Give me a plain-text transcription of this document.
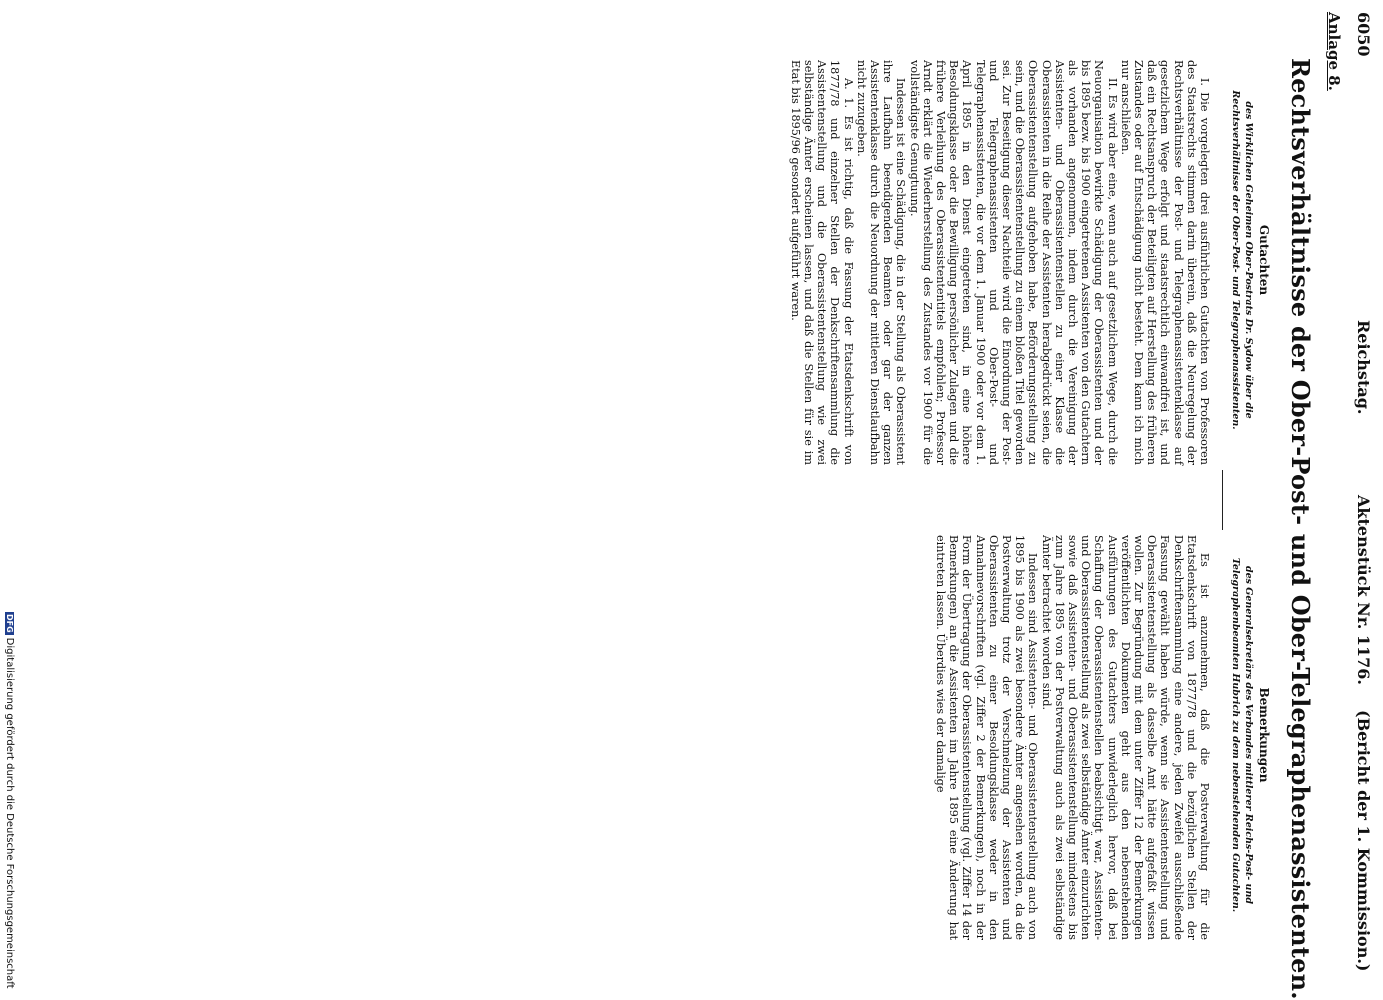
6050
Reichstag.
Aktenstück Nr. 1176.
(Bericht der 1. Kommission.)
Anlage 8.
Rechtsverhältnisse der Ober-Post- und Ober-Telegraphenassistenten.
Gutachten
des Wirklichen Geheimen Ober-Postrats Dr. Sydow über die Rechtsverhältnisse der Ober-Post- und Telegraphenassistenten.
Bemerkungen
des Generalsekretärs des Verbandes mittlerer Reichs-Post- und Telegraphenbeamten Hubrich zu dem nebenstehenden Gutachten.

I. Die vorgelegten drei ausführlichen Gutachten von Professoren des Staatsrechts stimmen darin überein, daß die Neuregelung der Rechtsverhältnisse der Post- und Telegraphenassistentenklasse auf gesetzlichem Wege erfolgt und staatsrechtlich einwandfrei ist, und daß ein Rechtsanspruch der Beteiligten auf Herstellung des früheren Zustandes oder auf Entschädigung nicht besteht. Dem kann ich mich nur anschließen.

II. Es wird aber eine, wenn auch auf gesetzlichem Wege, durch die Neuorganisation bewirkte Schädigung der Oberassistenten und der bis 1895 bezw. bis 1900 eingetretenen Assistenten von den Gutachtern als vorhanden angenommen, indem durch die Vereinigung der Assistenten- und Oberassistentenstellen zu einer Klasse die Oberassistenten in die Reihe der Assistenten herabgedrückt seien, die Oberassistentenstellung aufgehoben habe, Beförderungsstellung zu sein, und die Oberassistentenstellung zu einem bloßen Titel geworden sei. Zur Beseitigung dieser Nachteile wird die Einordnung der Post- und Telegraphenassistenten und Ober-Post- und Telegraphenassistenten, die vor dem 1. Januar 1900 oder vor dem 1. April 1895 in den Dienst eingetreten sind, in eine höhere Besoldungsklasse oder die Bewilligung persönlicher Zulagen und die frühere Verleihung des Oberassistententitels empfohlen; Professor Arndt erklärt die Wiederherstellung des Zustandes vor 1900 für die vollständigste Genugtuung.

Indessen ist eine Schädigung, die in der Stellung als Oberassistent ihre Laufbahn beendigenden Beamten oder gar der ganzen Assistentenklasse durch die Neuordnung der mittleren Dienstlaufbahn nicht zuzugeben.

A. 1. Es ist richtig, daß die Fassung der Etatsdenkschrift von 1877/78 und einzelner Stellen der Denkschriftensammlung die Assistentenstellung und die Oberassistentenstellung wie zwei selbständige Ämter erscheinen lassen, und daß die Stellen für sie im Etat bis 1895/96 gesondert aufgeführt waren.

Es ist anzunehmen, daß die Postverwaltung für die Etatsdenkschrift von 1877/78 und die bezüglichen Stellen der Denkschriftensammlung eine andere, jeden Zweifel ausschließende Fassung gewählt haben würde, wenn sie Assistentenstellung und Oberassistentenstellung als dasselbe Amt hätte aufgefaßt wissen wollen. Zur Begründung mit dem unter Ziffer 12 der Bemerkungen veröffentlichten Dokumenten geht aus den nebenstehenden Ausführungen des Gutachters unwiderleglich hervor, daß bei Schaffung der Oberassistentenstellen beabsichtigt war, Assistenten- und Oberassistentenstellung als zwei selbständige Ämter einzurichten sowie daß Assistenten- und Oberassistentenstellung mindestens bis zum Jahre 1895 von der Postverwaltung auch als zwei selbständige Ämter betrachtet worden sind.

Indessen sind Assistenten- und Oberassistentenstellung auch von 1895 bis 1900 als zwei besondere Ämter angesehen worden, da die Postverwaltung trotz der Verschmelzung der Assistenten und Oberassistenten zu einer Besoldungsklasse weder in den Annahmevorschriften (vgl. Ziffer 2 der Bemerkungen), noch in der Form der Übertragung der Oberassistentenstellung (vgl. Ziffer 14 der Bemerkungen) an die Assistenten im Jahre 1895 eine Änderung hat eintreten lassen. Überdies wies der damalige

DFGDigitalisierung gefördert durch die Deutsche Forschungsgemeinschaft
